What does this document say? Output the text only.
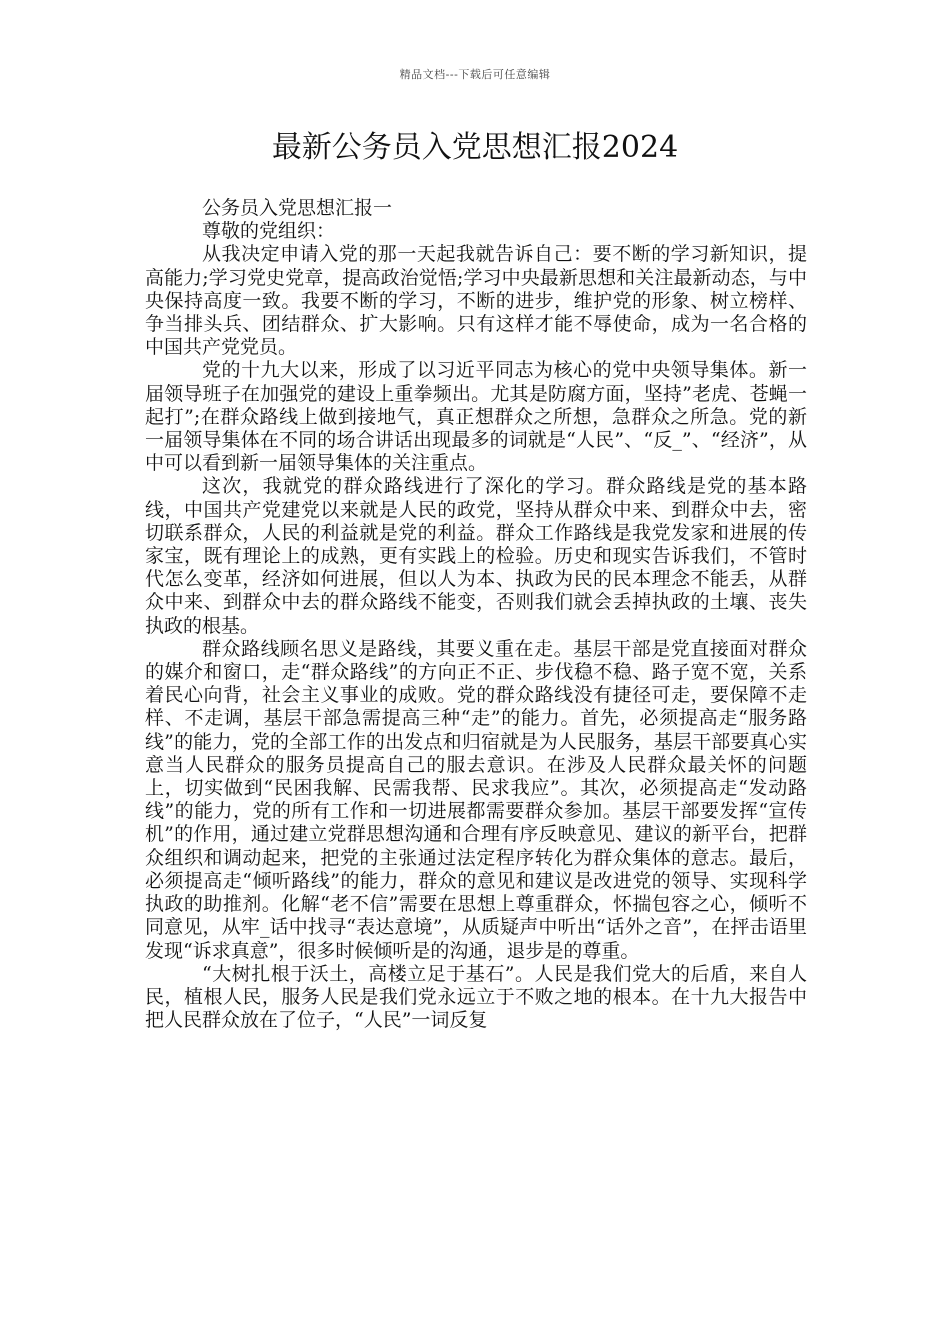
精品文档---下载后可任意编辑
最新公务员入党思想汇报2024

公务员入党思想汇报一

尊敬的党组织：

从我决定申请入党的那一天起我就告诉自己：要不断的学习新知识，提高能力;学习党史党章，提高政治觉悟;学习中央最新思想和关注最新动态，与中央保持高度一致。我要不断的学习，不断的进步，维护党的形象、树立榜样、争当排头兵、团结群众、扩大影响。只有这样才能不辱使命，成为一名合格的中国共产党党员。

党的十九大以来，形成了以习近平同志为核心的党中央领导集体。新一届领导班子在加强党的建设上重拳频出。尤其是防腐方面，坚持”老虎、苍蝇一起打”;在群众路线上做到接地气，真正想群众之所想，急群众之所急。党的新一届领导集体在不同的场合讲话出现最多的词就是“人民”、“反_”、“经济”，从中可以看到新一届领导集体的关注重点。

这次，我就党的群众路线进行了深化的学习。群众路线是党的基本路线，中国共产党建党以来就是人民的政党，坚持从群众中来、到群众中去，密切联系群众，人民的利益就是党的利益。群众工作路线是我党发家和进展的传家宝，既有理论上的成熟，更有实践上的检验。历史和现实告诉我们，不管时代怎么变革，经济如何进展，但以人为本、执政为民的民本理念不能丢，从群众中来、到群众中去的群众路线不能变，否则我们就会丢掉执政的土壤、丧失执政的根基。

群众路线顾名思义是路线，其要义重在走。基层干部是党直接面对群众的媒介和窗口，走“群众路线”的方向正不正、步伐稳不稳、路子宽不宽，关系着民心向背，社会主义事业的成败。党的群众路线没有捷径可走，要保障不走样、不走调，基层干部急需提高三种“走”的能力。首先，必须提高走“服务路线”的能力，党的全部工作的出发点和归宿就是为人民服务，基层干部要真心实意当人民群众的服务员提高自己的服去意识。在涉及人民群众最关怀的问题上，切实做到“民困我解、民需我帮、民求我应”。其次，必须提高走“发动路线”的能力，党的所有工作和一切进展都需要群众参加。基层干部要发挥“宣传机”的作用，通过建立党群思想沟通和合理有序反映意见、建议的新平台，把群众组织和调动起来，把党的主张通过法定程序转化为群众集体的意志。最后，必须提高走“倾听路线”的能力，群众的意见和建议是改进党的领导、实现科学执政的助推剂。化解“老不信”需要在思想上尊重群众，怀揣包容之心，倾听不同意见，从牢_话中找寻“表达意境”，从质疑声中听出“话外之音”，在抨击语里发现“诉求真意”，很多时候倾听是的沟通，退步是的尊重。

“大树扎根于沃土，高楼立足于基石”。人民是我们党大的后盾，来自人民，植根人民，服务人民是我们党永远立于不败之地的根本。在十九大报告中把人民群众放在了位子，“人民”一词反复
